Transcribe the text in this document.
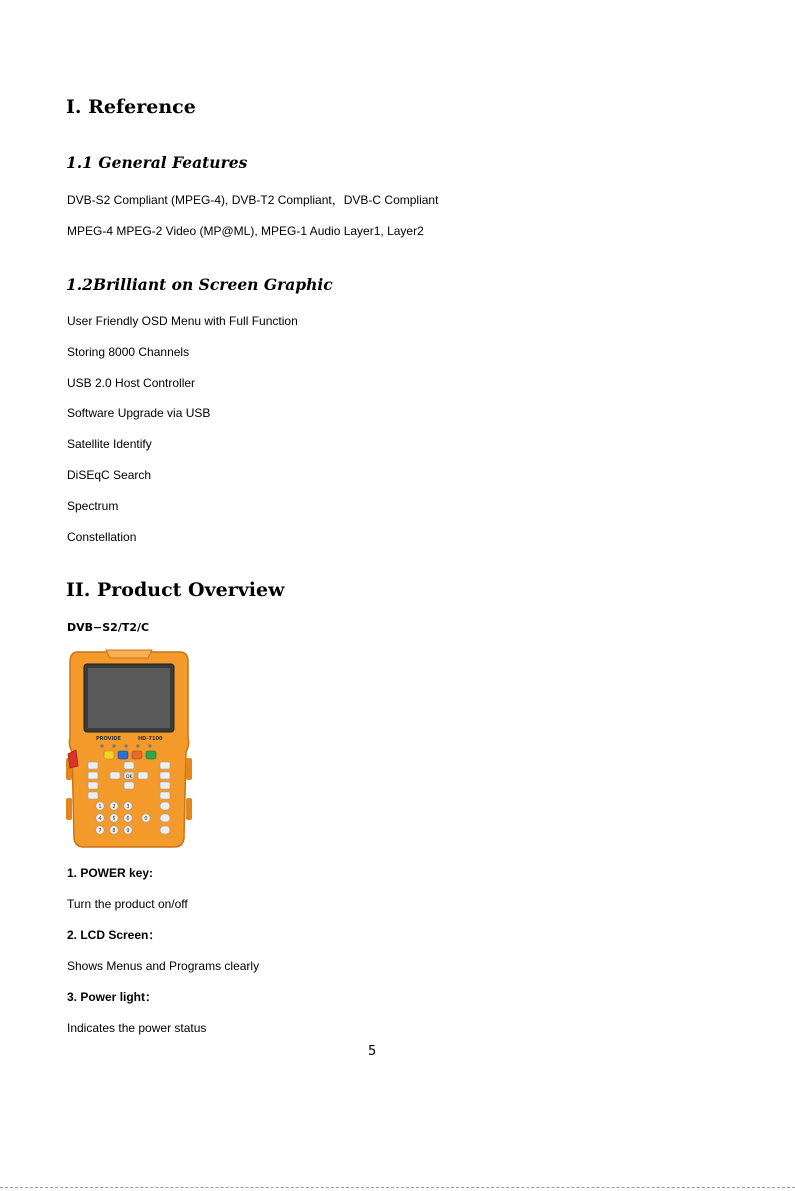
I. Reference
1.1 General Features
DVB-S2 Compliant (MPEG-4), DVB-T2 Compliant，DVB-C Compliant
MPEG-4 MPEG-2 Video (MP@ML), MPEG-1 Audio Layer1, Layer2
1.2Brilliant on Screen Graphic
User Friendly OSD Menu with Full Function
Storing 8000 Channels
USB 2.0 Host Controller
Software Upgrade via USB
Satellite Identify
DiSEqC Search
Spectrum
Constellation
II. Product Overview
DVB−S2/T2/C
PROVIDE	HD-7100
OK
1 2 3
4 5 6
7 8 9
0
1. POWER key:
Turn the product on/off
2. LCD Screen：
Shows Menus and Programs clearly
3. Power light：
Indicates the power status
5
